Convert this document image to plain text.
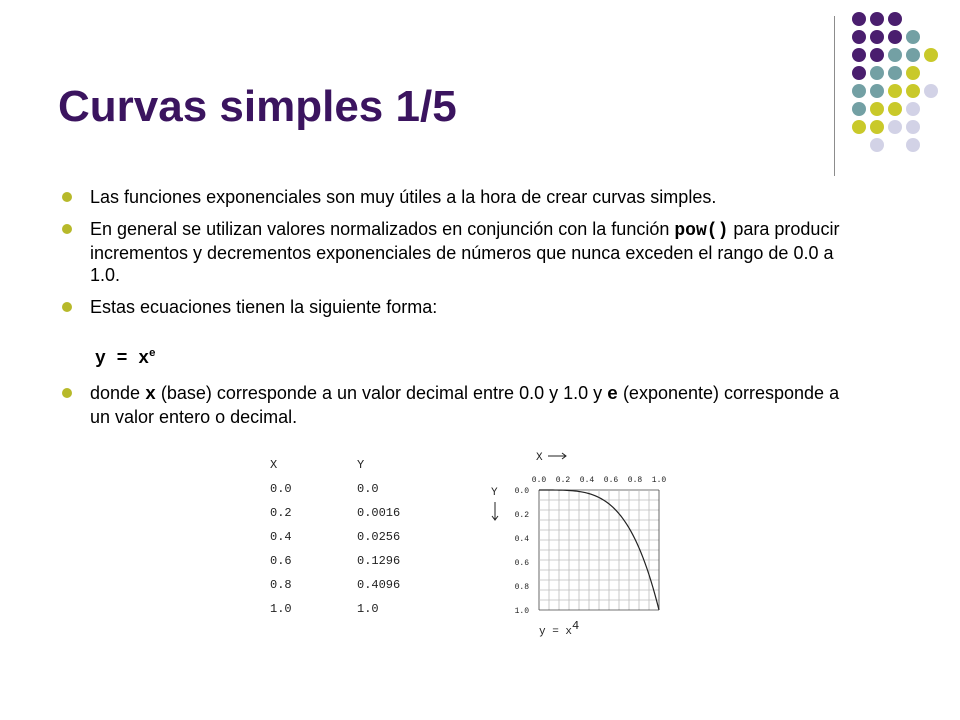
Curvas simples 1/5
Las funciones exponenciales son muy útiles a la hora de crear curvas simples.
En general se utilizan valores normalizados en conjunción con la función pow() para producir incrementos y decrementos exponenciales de números que nunca exceden el rango de 0.0 a 1.0.
Estas ecuaciones tienen la siguiente forma:
$y = x^e$
donde x (base) corresponde a un valor decimal entre 0.0 y 1.0 y e (exponente) corresponde a un valor entero o decimal.
X	Y
0.0	0.0
0.2	0.0016
0.4	0.0256
0.6	0.1296
0.8	0.4096
1.0	1.0
X
Y
0.0 0.2 0.4 0.6 0.8 1.0
0.0
0.2
0.4
0.6
0.8
1.0
y = x4
